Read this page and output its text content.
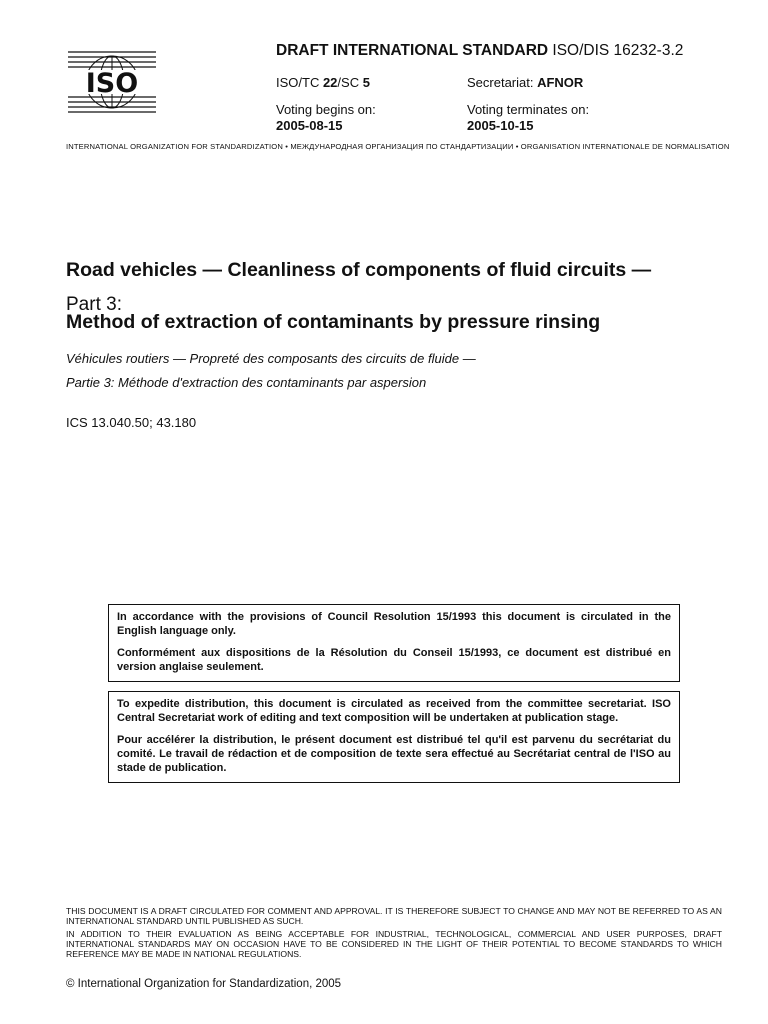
ISO
DRAFT INTERNATIONAL STANDARD ISO/DIS 16232-3.2
ISO/TC 22/SC 5	Secretariat: AFNOR
Voting begins on:
2005-08-15
Voting terminates on:
2005-10-15
INTERNATIONAL ORGANIZATION FOR STANDARDIZATION • МЕЖДУНАРОДНАЯ ОРГАНИЗАЦИЯ ПО СТАНДАРТИЗАЦИИ • ORGANISATION INTERNATIONALE DE NORMALISATION
Road vehicles — Cleanliness of components of fluid circuits —
Part 3:
Method of extraction of contaminants by pressure rinsing
Véhicules routiers — Propreté des composants des circuits de fluide —
Partie 3: Méthode d'extraction des contaminants par aspersion
ICS 13.040.50; 43.180

In accordance with the provisions of Council Resolution 15/1993 this document is circulated in the English language only.

Conformément aux dispositions de la Résolution du Conseil 15/1993, ce document est distribué en version anglaise seulement.

To expedite distribution, this document is circulated as received from the committee secretariat. ISO Central Secretariat work of editing and text composition will be undertaken at publication stage.

Pour accélérer la distribution, le présent document est distribué tel qu'il est parvenu du secrétariat du comité. Le travail de rédaction et de composition de texte sera effectué au Secrétariat central de l'ISO au stade de publication.

THIS DOCUMENT IS A DRAFT CIRCULATED FOR COMMENT AND APPROVAL. IT IS THEREFORE SUBJECT TO CHANGE AND MAY NOT BE REFERRED TO AS AN INTERNATIONAL STANDARD UNTIL PUBLISHED AS SUCH.

IN ADDITION TO THEIR EVALUATION AS BEING ACCEPTABLE FOR INDUSTRIAL, TECHNOLOGICAL, COMMERCIAL AND USER PURPOSES, DRAFT INTERNATIONAL STANDARDS MAY ON OCCASION HAVE TO BE CONSIDERED IN THE LIGHT OF THEIR POTENTIAL TO BECOME STANDARDS TO WHICH REFERENCE MAY BE MADE IN NATIONAL REGULATIONS.

© International Organization for Standardization, 2005
